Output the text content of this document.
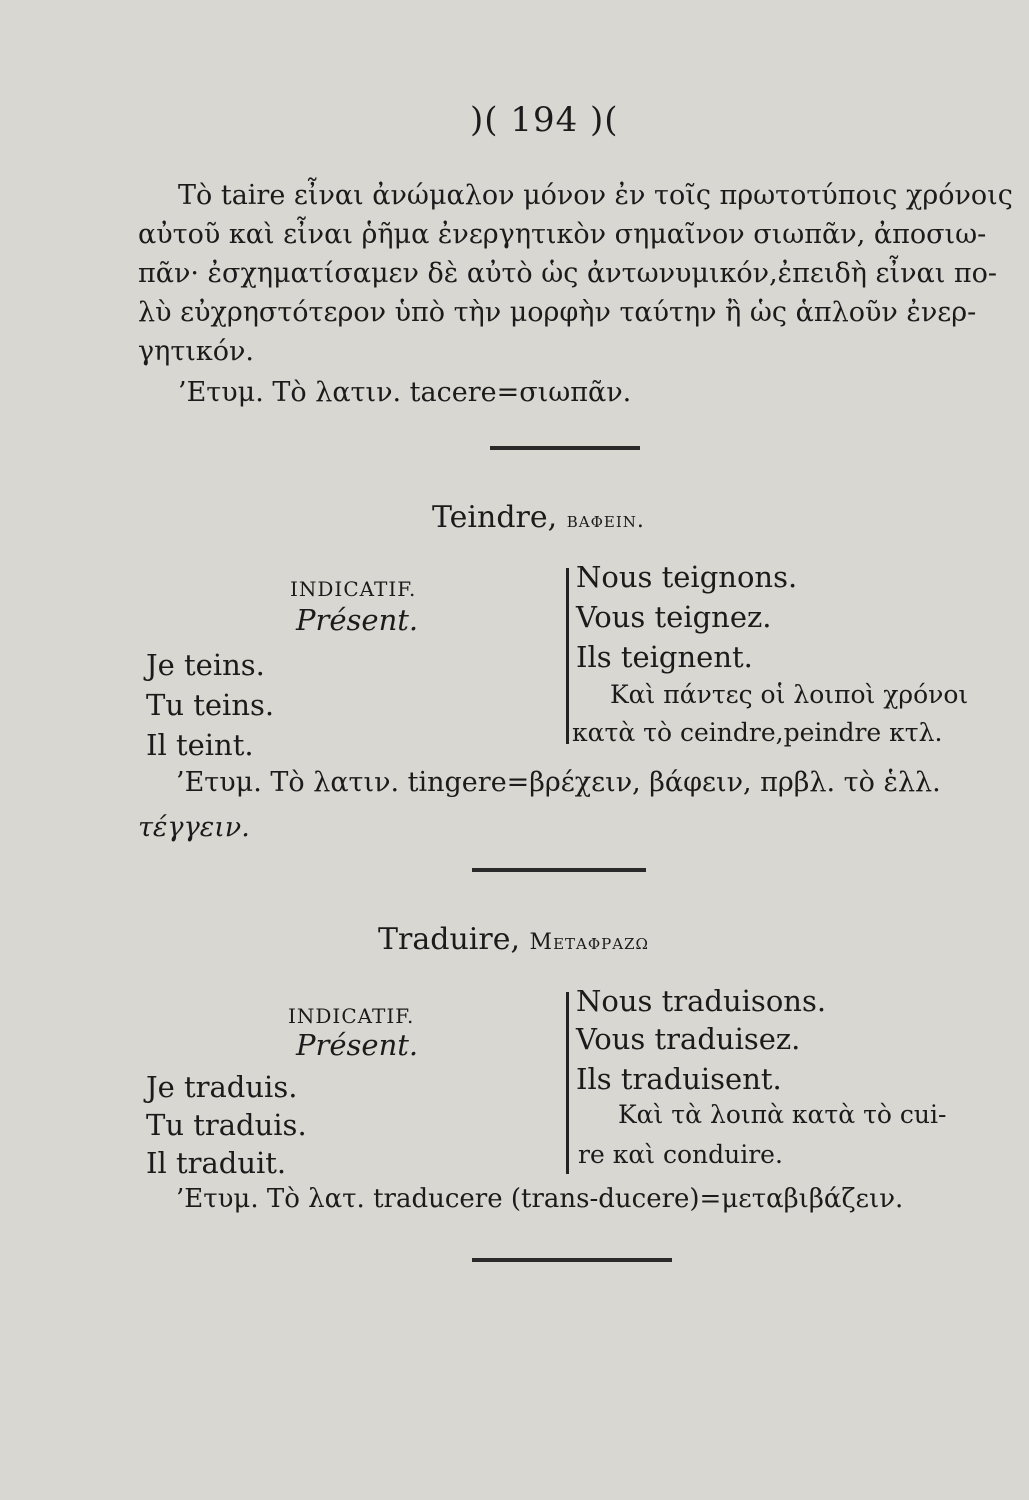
)( 194 )(
Τὸ taire εἶναι ἀνώμαλον μόνον ἐν τοῖς πρωτοτύποις χρόνοις
αὐτοῦ καὶ εἶναι ῥῆμα ἐνεργητικὸν σημαῖνον σιωπᾶν, ἀποσιω-
πᾶν· ἐσχηματίσαμεν δὲ αὐτὸ ὡς ἀντωνυμικόν,ἐπειδὴ εἶναι πο-
λὺ εὐχρηστότερον ὑπὸ τὴν μορφὴν ταύτην ἢ ὡς ἁπλοῦν ἐνερ-
γητικόν.
’Ετυμ. Τὸ λατιν. tacere=σιωπᾶν.
Teindre, βαφειν.
INDICATIF.
Présent.
Je teins.
Tu teins.
Il teint.
Nous teignons.
Vous teignez.
Ils teignent.
Καὶ πάντες οἱ λοιποὶ χρόνοι
κατὰ τὸ ceindre,peindre κτλ.
’Ετυμ. Τὸ λατιν. tingere=βρέχειν, βάφειν, πρβλ. τὸ ἑλλ.
τέγγειν.
Traduire, Μεταφραζω
INDICATIF.
Présent.
Je traduis.
Tu traduis.
Il traduit.
Nous traduisons.
Vous traduisez.
Ils traduisent.
Καὶ τὰ λοιπὰ κατὰ τὸ cui-
re καὶ conduire.
’Ετυμ. Τὸ λατ. traducere (trans-ducere)=μεταβιβάζειν.
